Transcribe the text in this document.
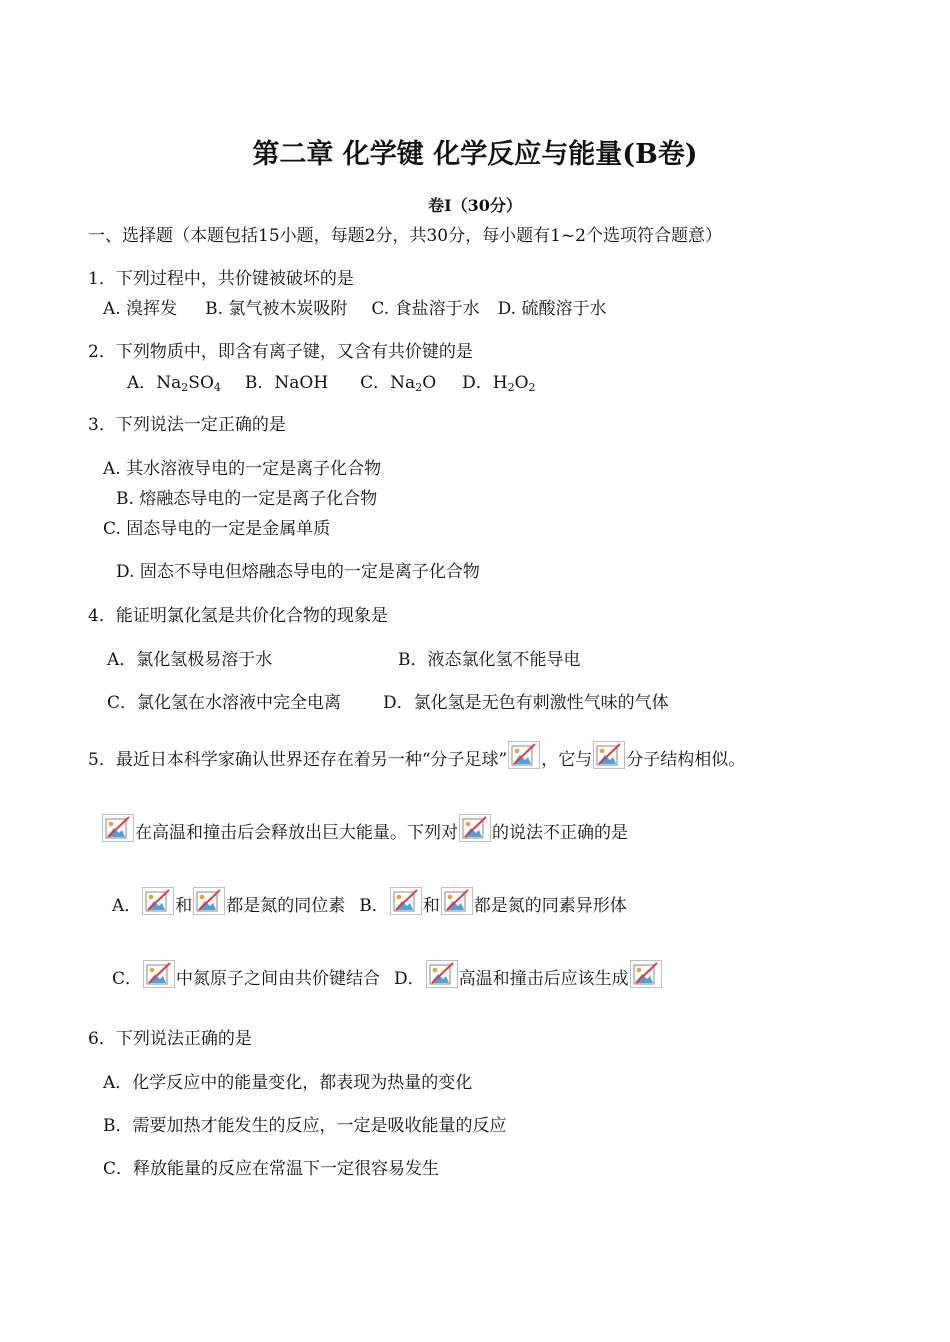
第二章 化学键 化学反应与能量(B卷)
卷I（30分）
一、选择题（本题包括15小题，每题2分，共30分，每小题有1~2个选项符合题意）
1．下列过程中，共价键被破坏的是
A. 溴挥发 B. 氯气被木炭吸附 C. 食盐溶于水 D. 硫酸溶于水
2．下列物质中，即含有离子键，又含有共价键的是
A．$Na_2SO_4$ B．NaOH C．$Na_2O$ D．$H_2O_2$
3．下列说法一定正确的是
A. 其水溶液导电的一定是离子化合物
B. 熔融态导电的一定是离子化合物
C. 固态导电的一定是金属单质
D. 固态不导电但熔融态导电的一定是离子化合物
4．能证明氯化氢是共价化合物的现象是
A．氯化氢极易溶于水	B．液态氯化氢不能导电
C．氯化氢在水溶液中完全电离 D．氯化氢是无色有刺激性气味的气体
5．最近日本科学家确认世界还存在着另一种“分子足球” ，它与 分子结构相似。
在高温和撞击后会释放出巨大能量。下列对 的说法不正确的是
A． 和 都是氮的同位素 B． 和 都是氮的同素异形体
C． 中氮原子之间由共价键结合 D． 高温和撞击后应该生成
6．下列说法正确的是
A．化学反应中的能量变化，都表现为热量的变化
B．需要加热才能发生的反应，一定是吸收能量的反应
C．释放能量的反应在常温下一定很容易发生
